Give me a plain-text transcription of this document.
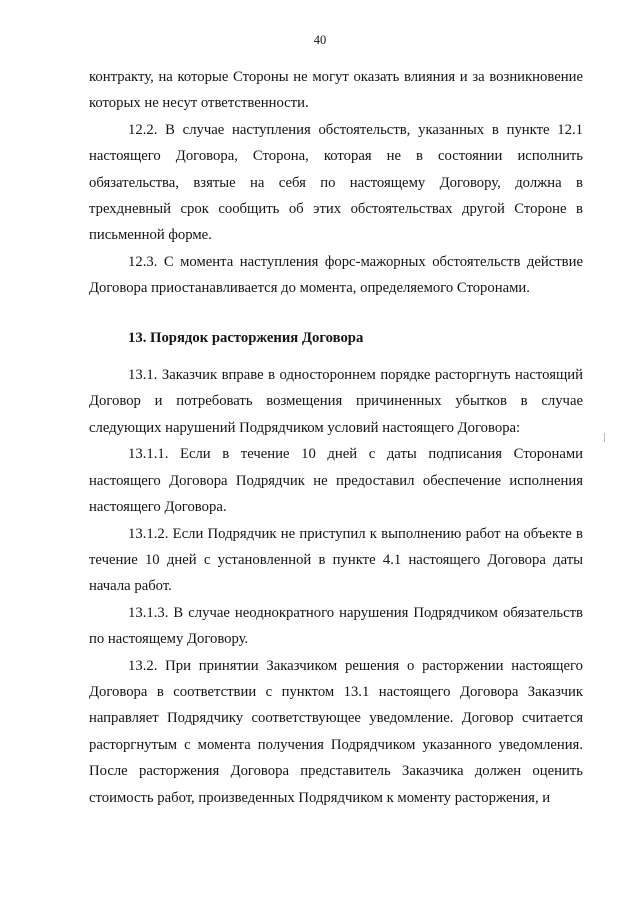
40

контракту, на которые Стороны не могут оказать влияния и за возникновение которых не несут ответственности.

12.2. В случае наступления обстоятельств, указанных в пункте 12.1 настоящего Договора, Сторона, которая не в состоянии исполнить обязательства, взятые на себя по настоящему Договору, должна в трехдневный срок сообщить об этих обстоятельствах другой Стороне в письменной форме.

12.3. С момента наступления форс-мажорных обстоятельств действие Договора приостанавливается до момента, определяемого Сторонами.

13. Порядок расторжения Договора

13.1. Заказчик вправе в одностороннем порядке расторгнуть настоящий Договор и потребовать возмещения причиненных убытков в случае следующих нарушений Подрядчиком условий настоящего Договора:

13.1.1. Если в течение 10 дней с даты подписания Сторонами настоящего Договора Подрядчик не предоставил обеспечение исполнения настоящего Договора.

13.1.2. Если Подрядчик не приступил к выполнению работ на объекте в течение 10 дней с установленной в пункте 4.1 настоящего Договора даты начала работ.

13.1.3. В случае неоднократного нарушения Подрядчиком обязательств по настоящему Договору.

13.2. При принятии Заказчиком решения о расторжении настоящего Договора в соответствии с пунктом 13.1 настоящего Договора Заказчик направляет Подрядчику соответствующее уведомление. Договор считается расторгнутым с момента получения Подрядчиком указанного уведомления. После расторжения Договора представитель Заказчика должен оценить стоимость работ, произведенных Подрядчиком к моменту расторжения, и
